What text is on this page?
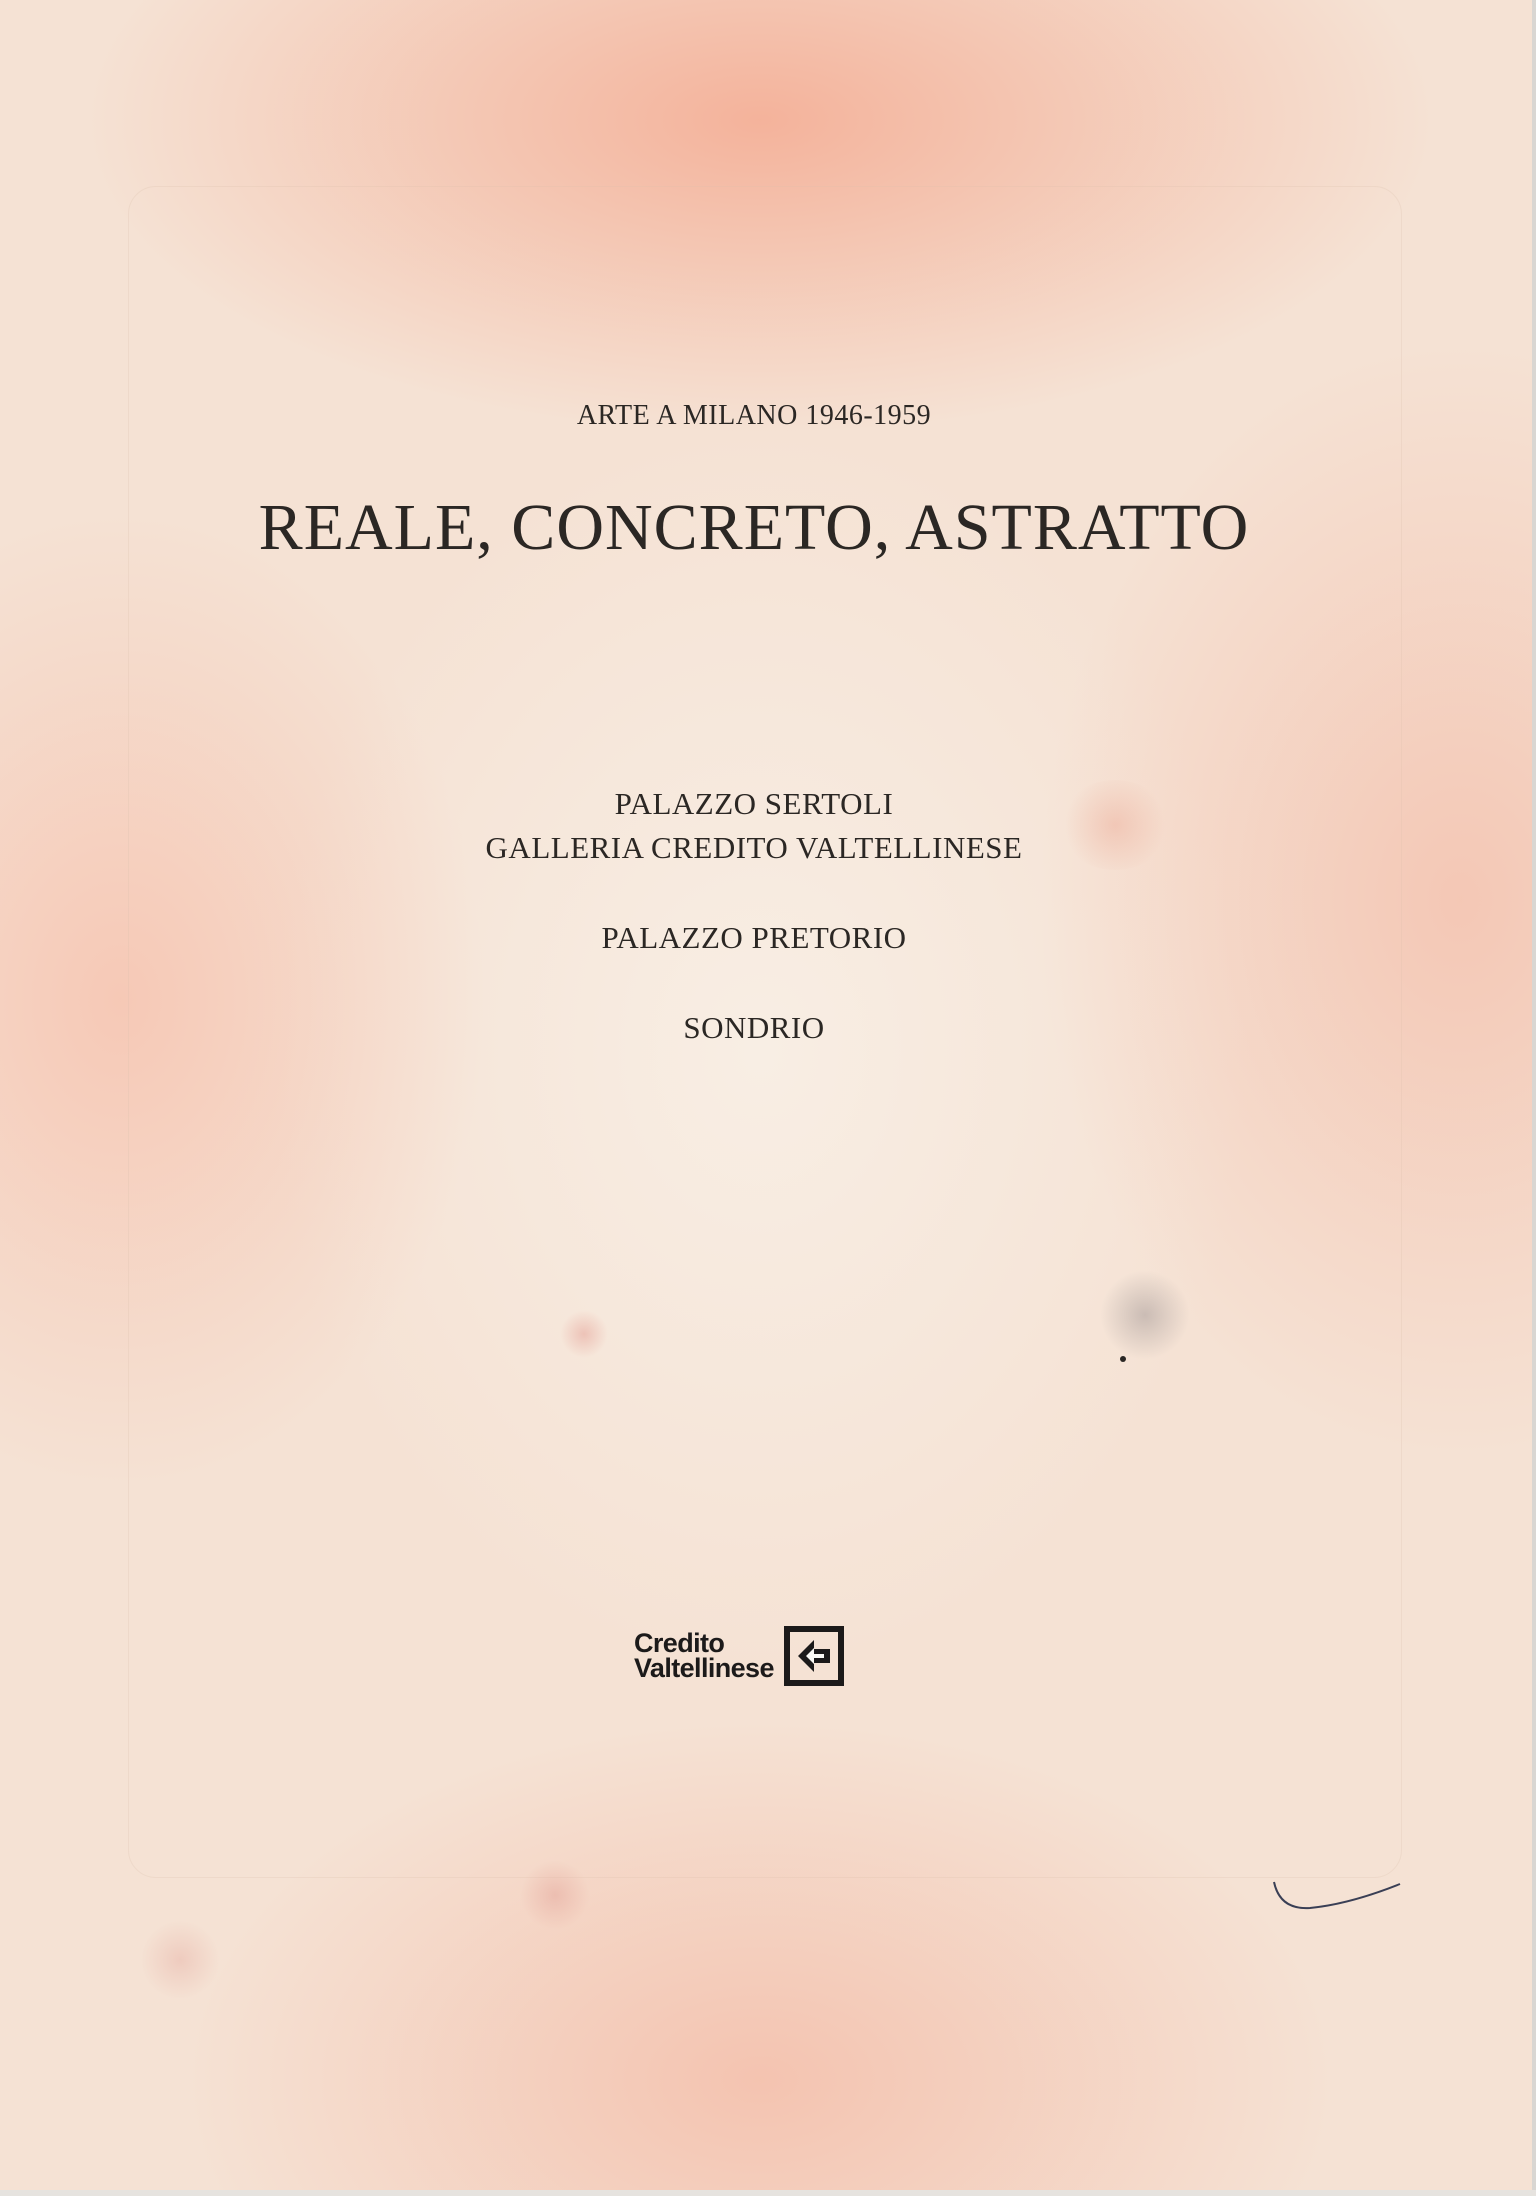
ARTE A MILANO 1946-1959

REALE, CONCRETO, ASTRATTO

PALAZZO SERTOLI

GALLERIA CREDITO VALTELLINESE

PALAZZO PRETORIO

SONDRIO

Credito
Valtellinese
